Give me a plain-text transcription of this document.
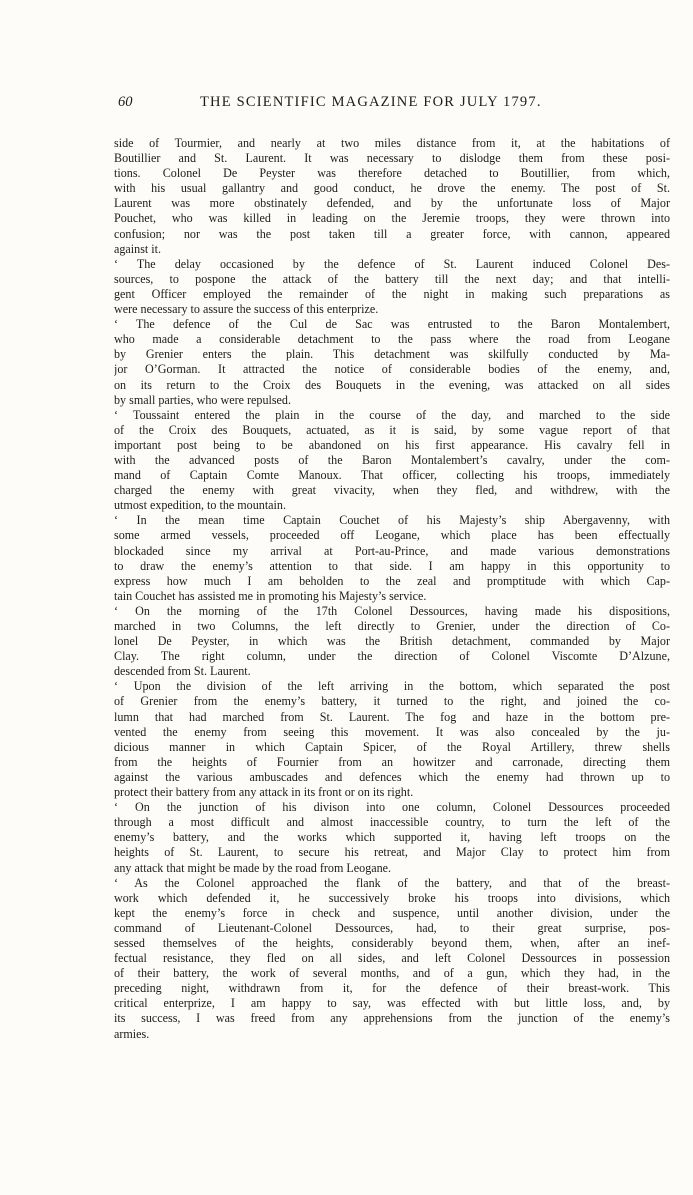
60	THE SCIENTIFIC MAGAZINE FOR JULY 1797.
side of Tourmier, and nearly at two miles distance from it, at the habitations of
Boutillier and St. Laurent. It was necessary to dislodge them from these posi-
tions. Colonel De Peyster was therefore detached to Boutillier, from which,
with his usual gallantry and good conduct, he drove the enemy. The post of St.
Laurent was more obstinately defended, and by the unfortunate loss of Major
Pouchet, who was killed in leading on the Jeremie troops, they were thrown into
confusion; nor was the post taken till a greater force, with cannon, appeared
against it.
‘ The delay occasioned by the defence of St. Laurent induced Colonel Des-
sources, to pospone the attack of the battery till the next day; and that intelli-
gent Officer employed the remainder of the night in making such preparations as
were necessary to assure the success of this enterprize.
‘ The defence of the Cul de Sac was entrusted to the Baron Montalembert,
who made a considerable detachment to the pass where the road from Leogane
by Grenier enters the plain. This detachment was skilfully conducted by Ma-
jor O’Gorman. It attracted the notice of considerable bodies of the enemy, and,
on its return to the Croix des Bouquets in the evening, was attacked on all sides
by small parties, who were repulsed.
‘ Toussaint entered the plain in the course of the day, and marched to the side
of the Croix des Bouquets, actuated, as it is said, by some vague report of that
important post being to be abandoned on his first appearance. His cavalry fell in
with the advanced posts of the Baron Montalembert’s cavalry, under the com-
mand of Captain Comte Manoux. That officer, collecting his troops, immediately
charged the enemy with great vivacity, when they fled, and withdrew, with the
utmost expedition, to the mountain.
‘ In the mean time Captain Couchet of his Majesty’s ship Abergavenny, with
some armed vessels, proceeded off Leogane, which place has been effectually
blockaded since my arrival at Port-au-Prince, and made various demonstrations
to draw the enemy’s attention to that side. I am happy in this opportunity to
express how much I am beholden to the zeal and promptitude with which Cap-
tain Couchet has assisted me in promoting his Majesty’s service.
‘ On the morning of the 17th Colonel Dessources, having made his dispositions,
marched in two Columns, the left directly to Grenier, under the direction of Co-
lonel De Peyster, in which was the British detachment, commanded by Major
Clay. The right column, under the direction of Colonel Viscomte D’Alzune,
descended from St. Laurent.
‘ Upon the division of the left arriving in the bottom, which separated the post
of Grenier from the enemy’s battery, it turned to the right, and joined the co-
lumn that had marched from St. Laurent. The fog and haze in the bottom pre-
vented the enemy from seeing this movement. It was also concealed by the ju-
dicious manner in which Captain Spicer, of the Royal Artillery, threw shells
from the heights of Fournier from an howitzer and carronade, directing them
against the various ambuscades and defences which the enemy had thrown up to
protect their battery from any attack in its front or on its right.
‘ On the junction of his divison into one column, Colonel Dessources proceeded
through a most difficult and almost inaccessible country, to turn the left of the
enemy’s battery, and the works which supported it, having left troops on the
heights of St. Laurent, to secure his retreat, and Major Clay to protect him from
any attack that might be made by the road from Leogane.
‘ As the Colonel approached the flank of the battery, and that of the breast-
work which defended it, he successively broke his troops into divisions, which
kept the enemy’s force in check and suspence, until another division, under the
command of Lieutenant-Colonel Dessources, had, to their great surprise, pos-
sessed themselves of the heights, considerably beyond them, when, after an inef-
fectual resistance, they fled on all sides, and left Colonel Dessources in possession
of their battery, the work of several months, and of a gun, which they had, in the
preceding night, withdrawn from it, for the defence of their breast-work. This
critical enterprize, I am happy to say, was effected with but little loss, and, by
its success, I was freed from any apprehensions from the junction of the enemy’s
armies.
